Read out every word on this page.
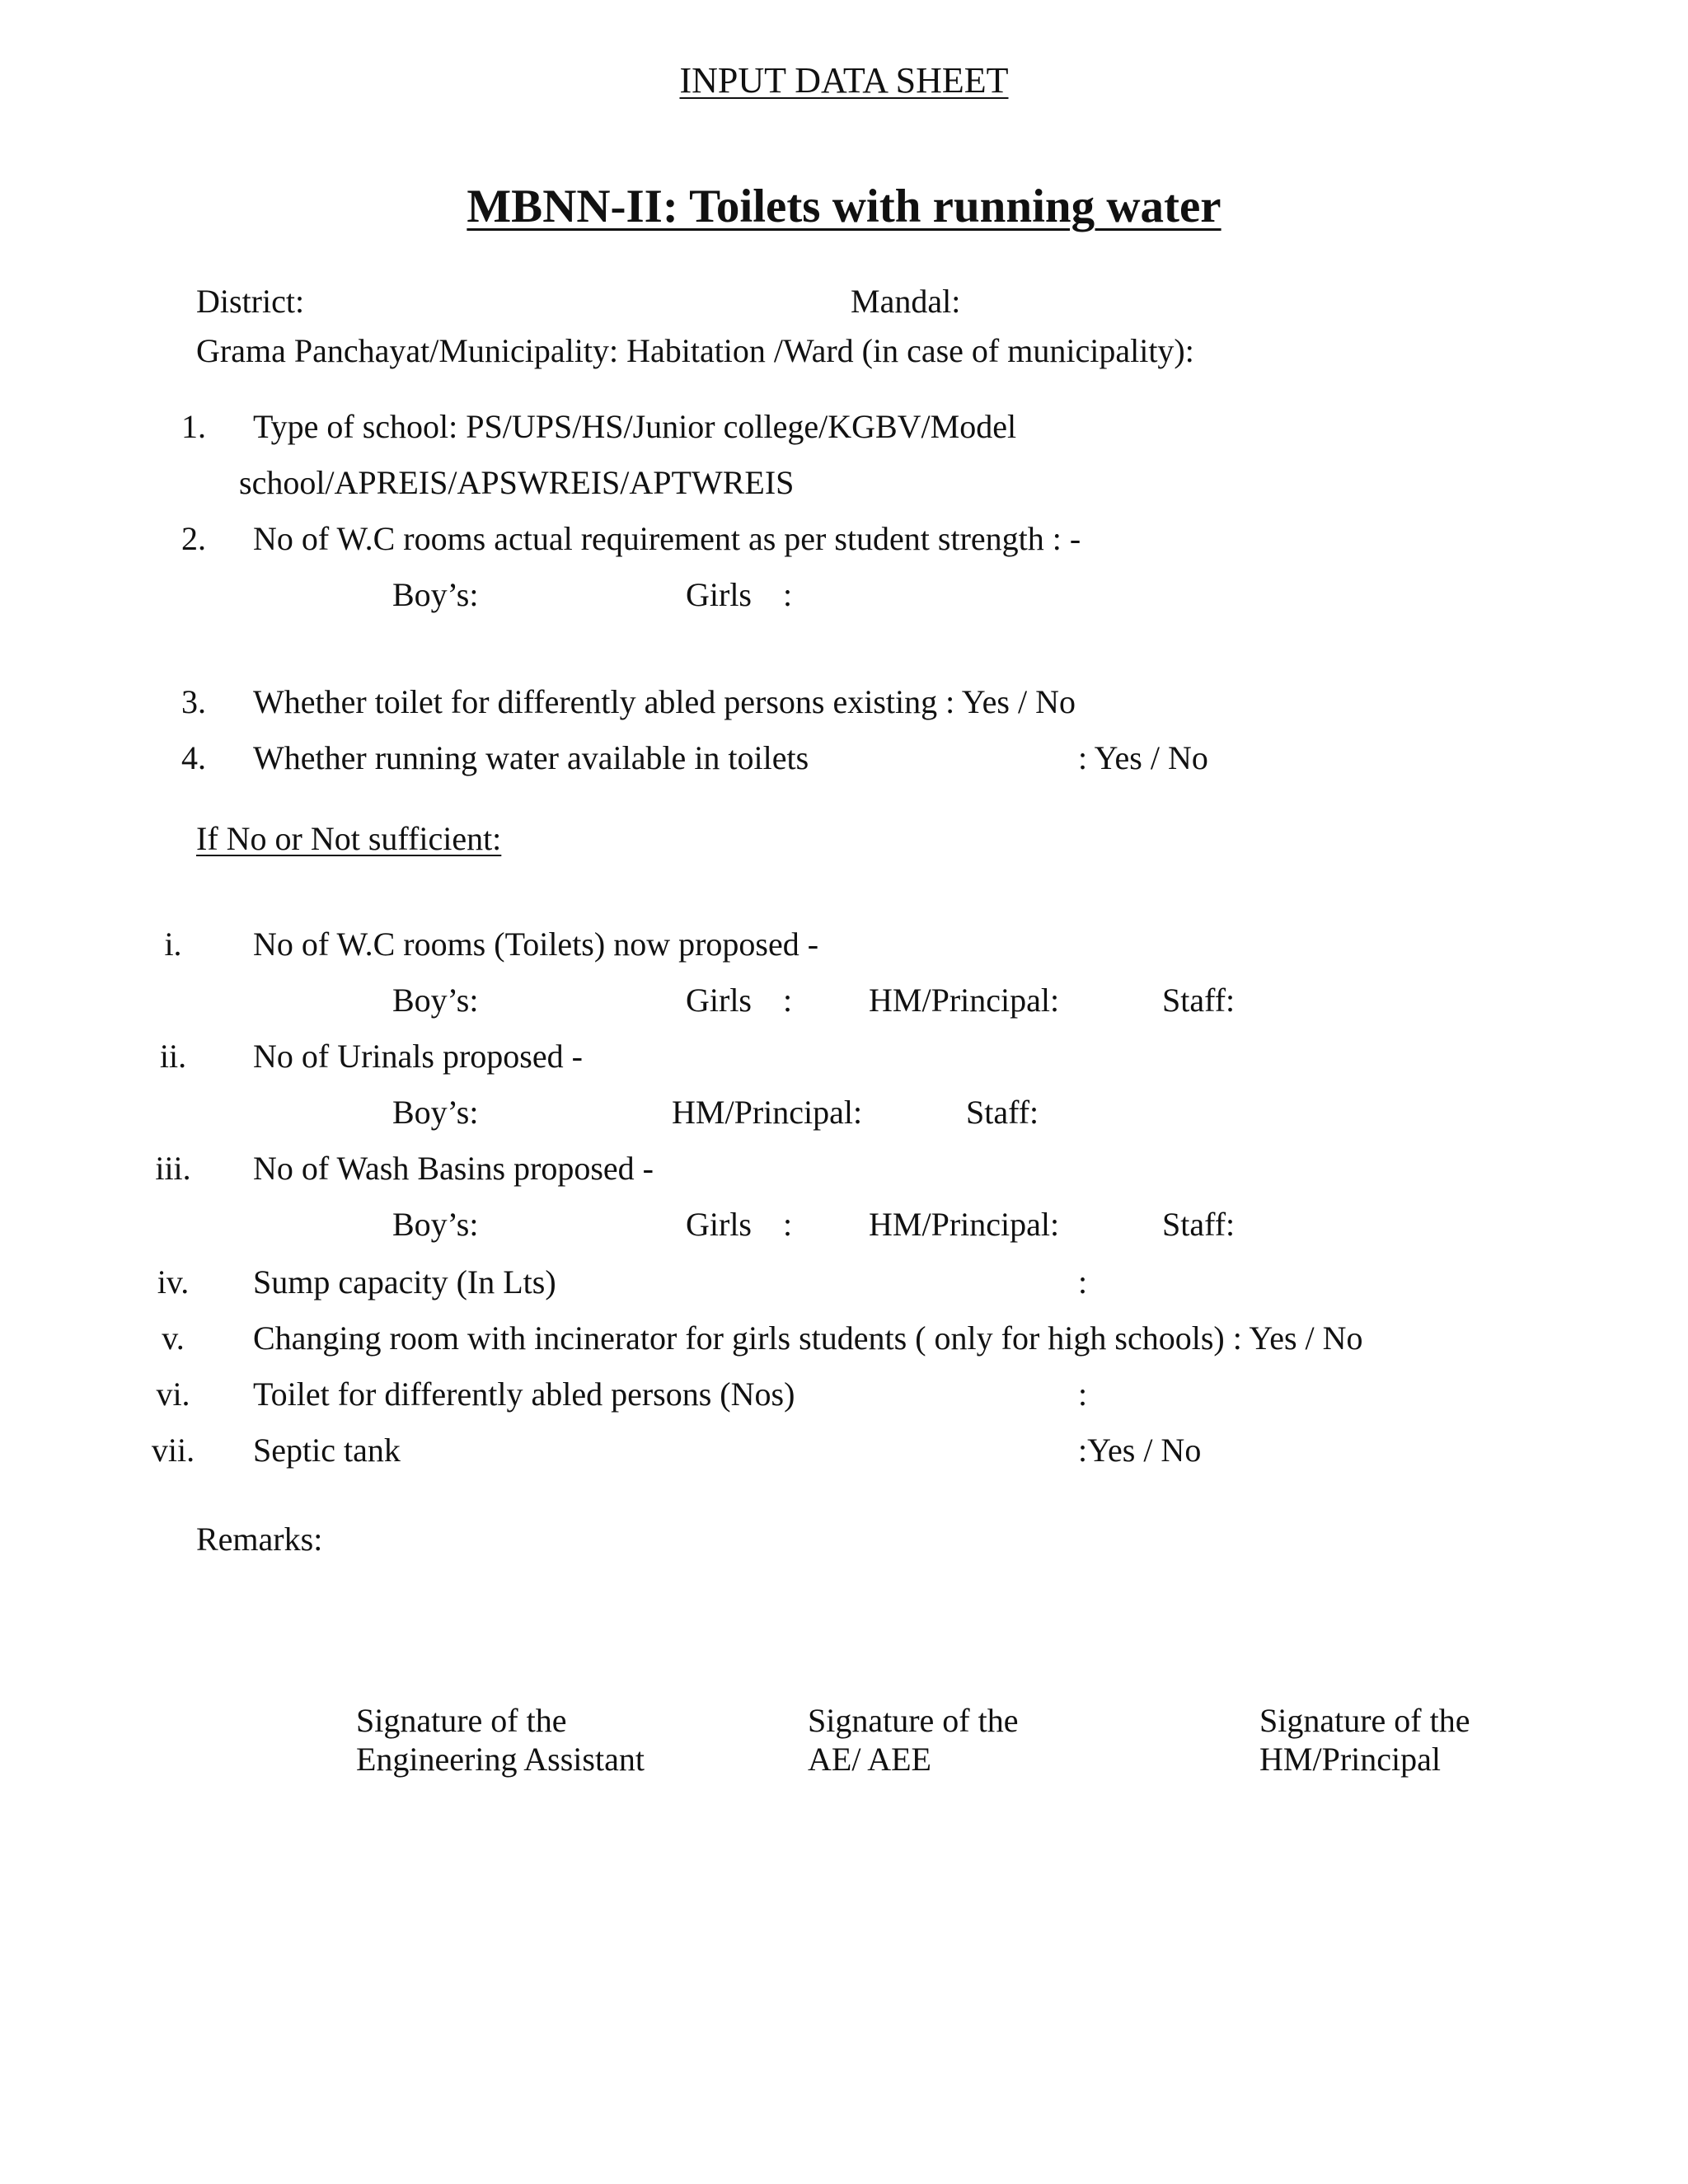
INPUT DATA SHEET
MBNN-II: Toilets with running water
District:	Mandal:
Grama Panchayat/Municipality: Habitation /Ward (in case of municipality):
1. Type of school: PS/UPS/HS/Junior college/KGBV/Model
school/APREIS/APSWREIS/APTWREIS
2. No of W.C rooms actual requirement as per student strength : -
Boy’s:	Girls :
3. Whether toilet for differently abled persons existing : Yes / No
4. Whether running water available in toilets	: Yes / No
If No or Not sufficient:
i.	No of W.C rooms (Toilets) now proposed -
Boy’s:	Girls : HM/Principal:	Staff:
ii.	No of Urinals proposed -
Boy’s:	HM/Principal:	Staff:
iii.	No of Wash Basins proposed -
Boy’s:	Girls : HM/Principal:	Staff:
iv.	Sump capacity (In Lts)	:
v.	Changing room with incinerator for girls students ( only for high schools) : Yes / No
vi.	Toilet for differently abled persons (Nos)	:
vii.	Septic tank	:Yes / No
Remarks:
Signature of the
Engineering Assistant
Signature of the
AE/ AEE
Signature of the
HM/Principal
